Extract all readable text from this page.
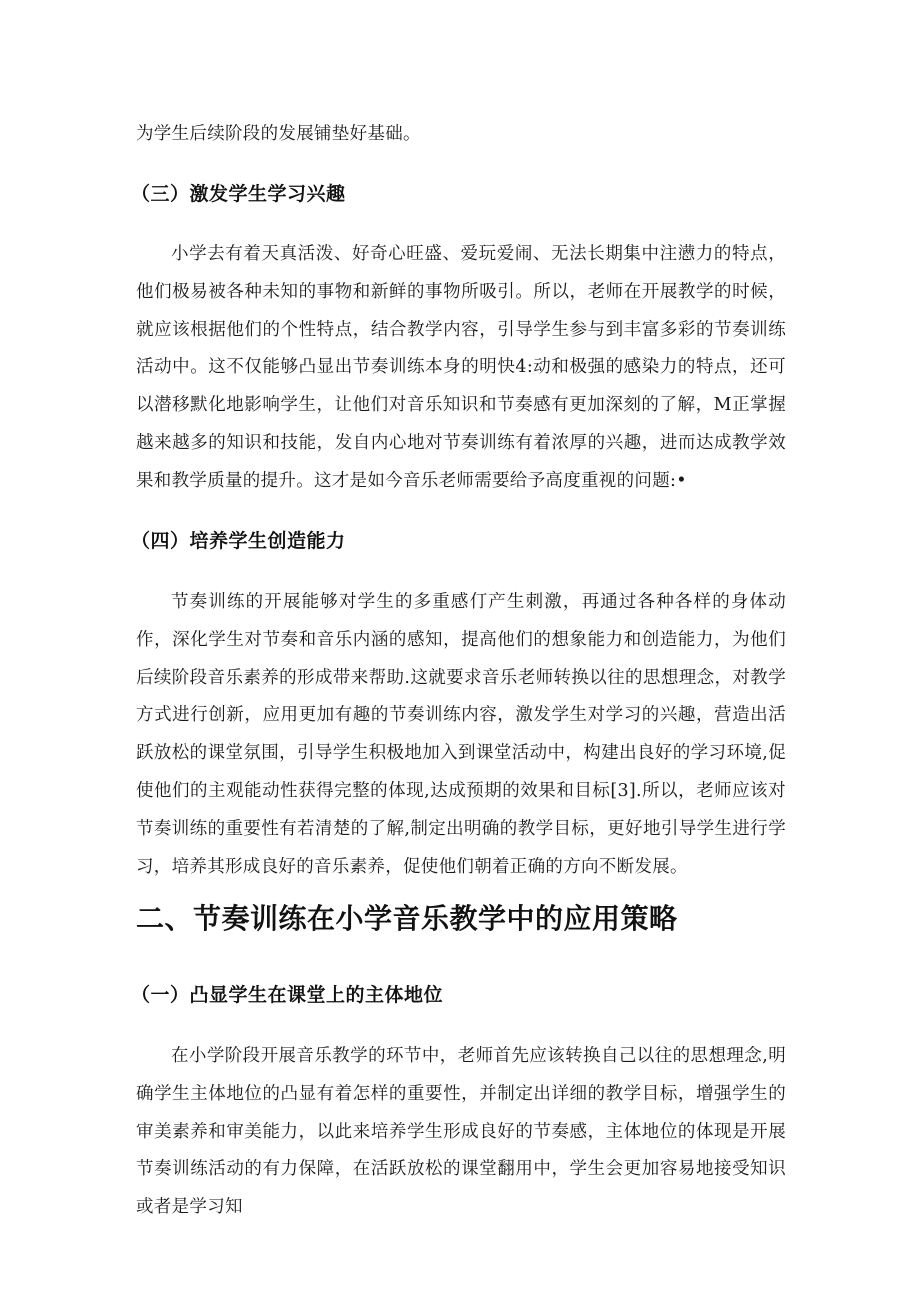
为学生后续阶段的发展铺垫好基础。

（三）激发学生学习兴趣

小学去有着天真活泼、好奇心旺盛、爱玩爱闹、无法长期集中注懑力的特点，他们极易被各种未知的事物和新鲜的事物所吸引。所以，老师在开展教学的时候，就应该根据他们的个性特点，结合教学内容，引导学生参与到丰富多彩的节奏训练活动中。这不仅能够凸显出节奏训练本身的明快4:动和极强的感染力的特点，还可以潜移默化地影响学生，让他们对音乐知识和节奏感有更加深刻的了解，M正掌握越来越多的知识和技能，发自内心地对节奏训练有着浓厚的兴趣，进而达成教学效果和教学质量的提升。这才是如今音乐老师需要给予高度重视的问题:•

（四）培养学生创造能力

节奏训练的开展能够对学生的多重感仃产生刺激，再通过各种各样的身体动作，深化学生对节奏和音乐内涵的感知，提高他们的想象能力和创造能力，为他们后续阶段音乐素养的形成带来帮助.这就要求音乐老师转换以往的思想理念，对教学方式进行创新，应用更加有趣的节奏训练内容，激发学生对学习的兴趣，营造出活跃放松的课堂氛围，引导学生积极地加入到课堂活动中，构建出良好的学习环境,促使他们的主观能动性获得完整的体现,达成预期的效果和目标[3].所以，老师应该对节奏训练的重要性有若清楚的了解,制定出明确的教学目标，更好地引导学生进行学习，培养其形成良好的音乐素养，促使他们朝着正确的方向不断发展。

二、节奏训练在小学音乐教学中的应用策略
（一）凸显学生在课堂上的主体地位

在小学阶段开展音乐教学的环节中，老师首先应该转换自己以往的思想理念,明确学生主体地位的凸显有着怎样的重要性，并制定出详细的教学目标，增强学生的审美素养和审美能力，以此来培养学生形成良好的节奏感，主体地位的体现是开展节奏训练活动的有力保障，在活跃放松的课堂翻用中，学生会更加容易地接受知识或者是学习知
